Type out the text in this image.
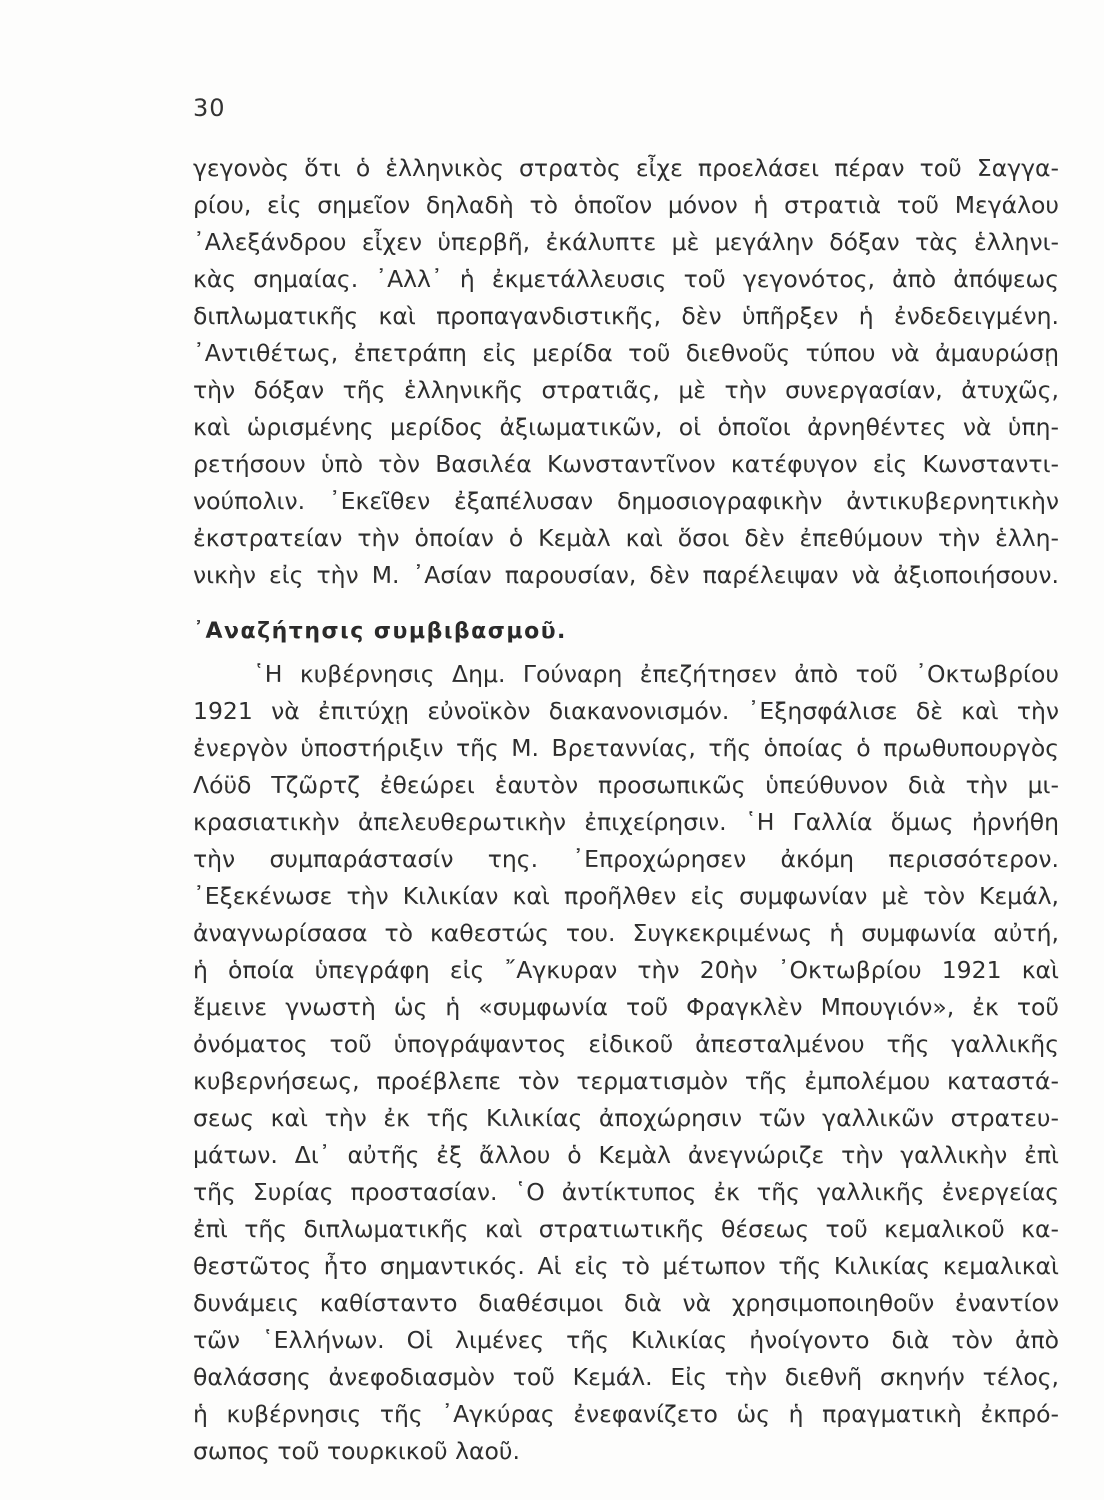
30
γεγονὸς ὅτι ὁ ἑλληνικὸς στρατὸς εἶχε προελάσει πέραν τοῦ Σαγγα-
ρίου, εἰς σημεῖον δηλαδὴ τὸ ὁποῖον μόνον ἡ στρατιὰ τοῦ Μεγάλου
᾿Αλεξάνδρου εἶχεν ὑπερβῆ, ἐκάλυπτε μὲ μεγάλην δόξαν τὰς ἑλληνι-
κὰς σημαίας. ᾿Αλλ᾿ ἡ ἐκμετάλλευσις τοῦ γεγονότος, ἀπὸ ἀπόψεως
διπλωματικῆς καὶ προπαγανδιστικῆς, δὲν ὑπῆρξεν ἡ ἐνδεδειγμένη.
᾿Αντιθέτως, ἐπετράπη εἰς μερίδα τοῦ διεθνοῦς τύπου νὰ ἀμαυρώσῃ
τὴν δόξαν τῆς ἑλληνικῆς στρατιᾶς, μὲ τὴν συνεργασίαν, ἀτυχῶς,
καὶ ὡρισμένης μερίδος ἀξιωματικῶν, οἱ ὁποῖοι ἀρνηθέντες νὰ ὑπη-
ρετήσουν ὑπὸ τὸν Βασιλέα Κωνσταντῖνον κατέφυγον εἰς Κωνσταντι-
νούπολιν. ᾿Εκεῖθεν ἐξαπέλυσαν δημοσιογραφικὴν ἀντικυβερνητικὴν
ἐκστρατείαν τὴν ὁποίαν ὁ Κεμὰλ καὶ ὅσοι δὲν ἐπεθύμουν τὴν ἑλλη-
νικὴν εἰς τὴν Μ. ᾿Ασίαν παρουσίαν, δὲν παρέλειψαν νὰ ἀξιοποιήσουν.
᾿Αναζήτησις συμβιβασμοῦ.
῾Η κυβέρνησις Δημ. Γούναρη ἐπεζήτησεν ἀπὸ τοῦ ᾿Οκτωβρίου
1921 νὰ ἐπιτύχῃ εὐνοϊκὸν διακανονισμόν. ᾿Εξησφάλισε δὲ καὶ τὴν
ἐνεργὸν ὑποστήριξιν τῆς Μ. Βρεταννίας, τῆς ὁποίας ὁ πρωθυπουργὸς
Λόϋδ Τζῶρτζ ἐθεώρει ἑαυτὸν προσωπικῶς ὑπεύθυνον διὰ τὴν μι-
κρασιατικὴν ἀπελευθερωτικὴν ἐπιχείρησιν. ῾Η Γαλλία ὅμως ἠρνήθη
τὴν συμπαράστασίν της. ᾿Επροχώρησεν ἀκόμη περισσότερον.
᾿Εξεκένωσε τὴν Κιλικίαν καὶ προῆλθεν εἰς συμφωνίαν μὲ τὸν Κεμάλ,
ἀναγνωρίσασα τὸ καθεστώς του. Συγκεκριμένως ἡ συμφωνία αὐτή,
ἡ ὁποία ὑπεγράφη εἰς ῎Αγκυραν τὴν 20ὴν ᾿Οκτωβρίου 1921 καὶ
ἔμεινε γνωστὴ ὡς ἡ «συμφωνία τοῦ Φραγκλὲν Μπουγιόν», ἐκ τοῦ
ὀνόματος τοῦ ὑπογράψαντος εἰδικοῦ ἀπεσταλμένου τῆς γαλλικῆς
κυβερνήσεως, προέβλεπε τὸν τερματισμὸν τῆς ἐμπολέμου καταστά-
σεως καὶ τὴν ἐκ τῆς Κιλικίας ἀποχώρησιν τῶν γαλλικῶν στρατευ-
μάτων. Δι᾿ αὐτῆς ἐξ ἄλλου ὁ Κεμὰλ ἀνεγνώριζε τὴν γαλλικὴν ἐπὶ
τῆς Συρίας προστασίαν. ῾Ο ἀντίκτυπος ἐκ τῆς γαλλικῆς ἐνεργείας
ἐπὶ τῆς διπλωματικῆς καὶ στρατιωτικῆς θέσεως τοῦ κεμαλικοῦ κα-
θεστῶτος ἦτο σημαντικός. Αἱ εἰς τὸ μέτωπον τῆς Κιλικίας κεμαλικαὶ
δυνάμεις καθίσταντο διαθέσιμοι διὰ νὰ χρησιμοποιηθοῦν ἐναντίον
τῶν ῾Ελλήνων. Οἱ λιμένες τῆς Κιλικίας ἠνοίγοντο διὰ τὸν ἀπὸ
θαλάσσης ἀνεφοδιασμὸν τοῦ Κεμάλ. Εἰς τὴν διεθνῆ σκηνήν τέλος,
ἡ κυβέρνησις τῆς ᾿Αγκύρας ἐνεφανίζετο ὡς ἡ πραγματικὴ ἐκπρό-
σωπος τοῦ τουρκικοῦ λαοῦ.
